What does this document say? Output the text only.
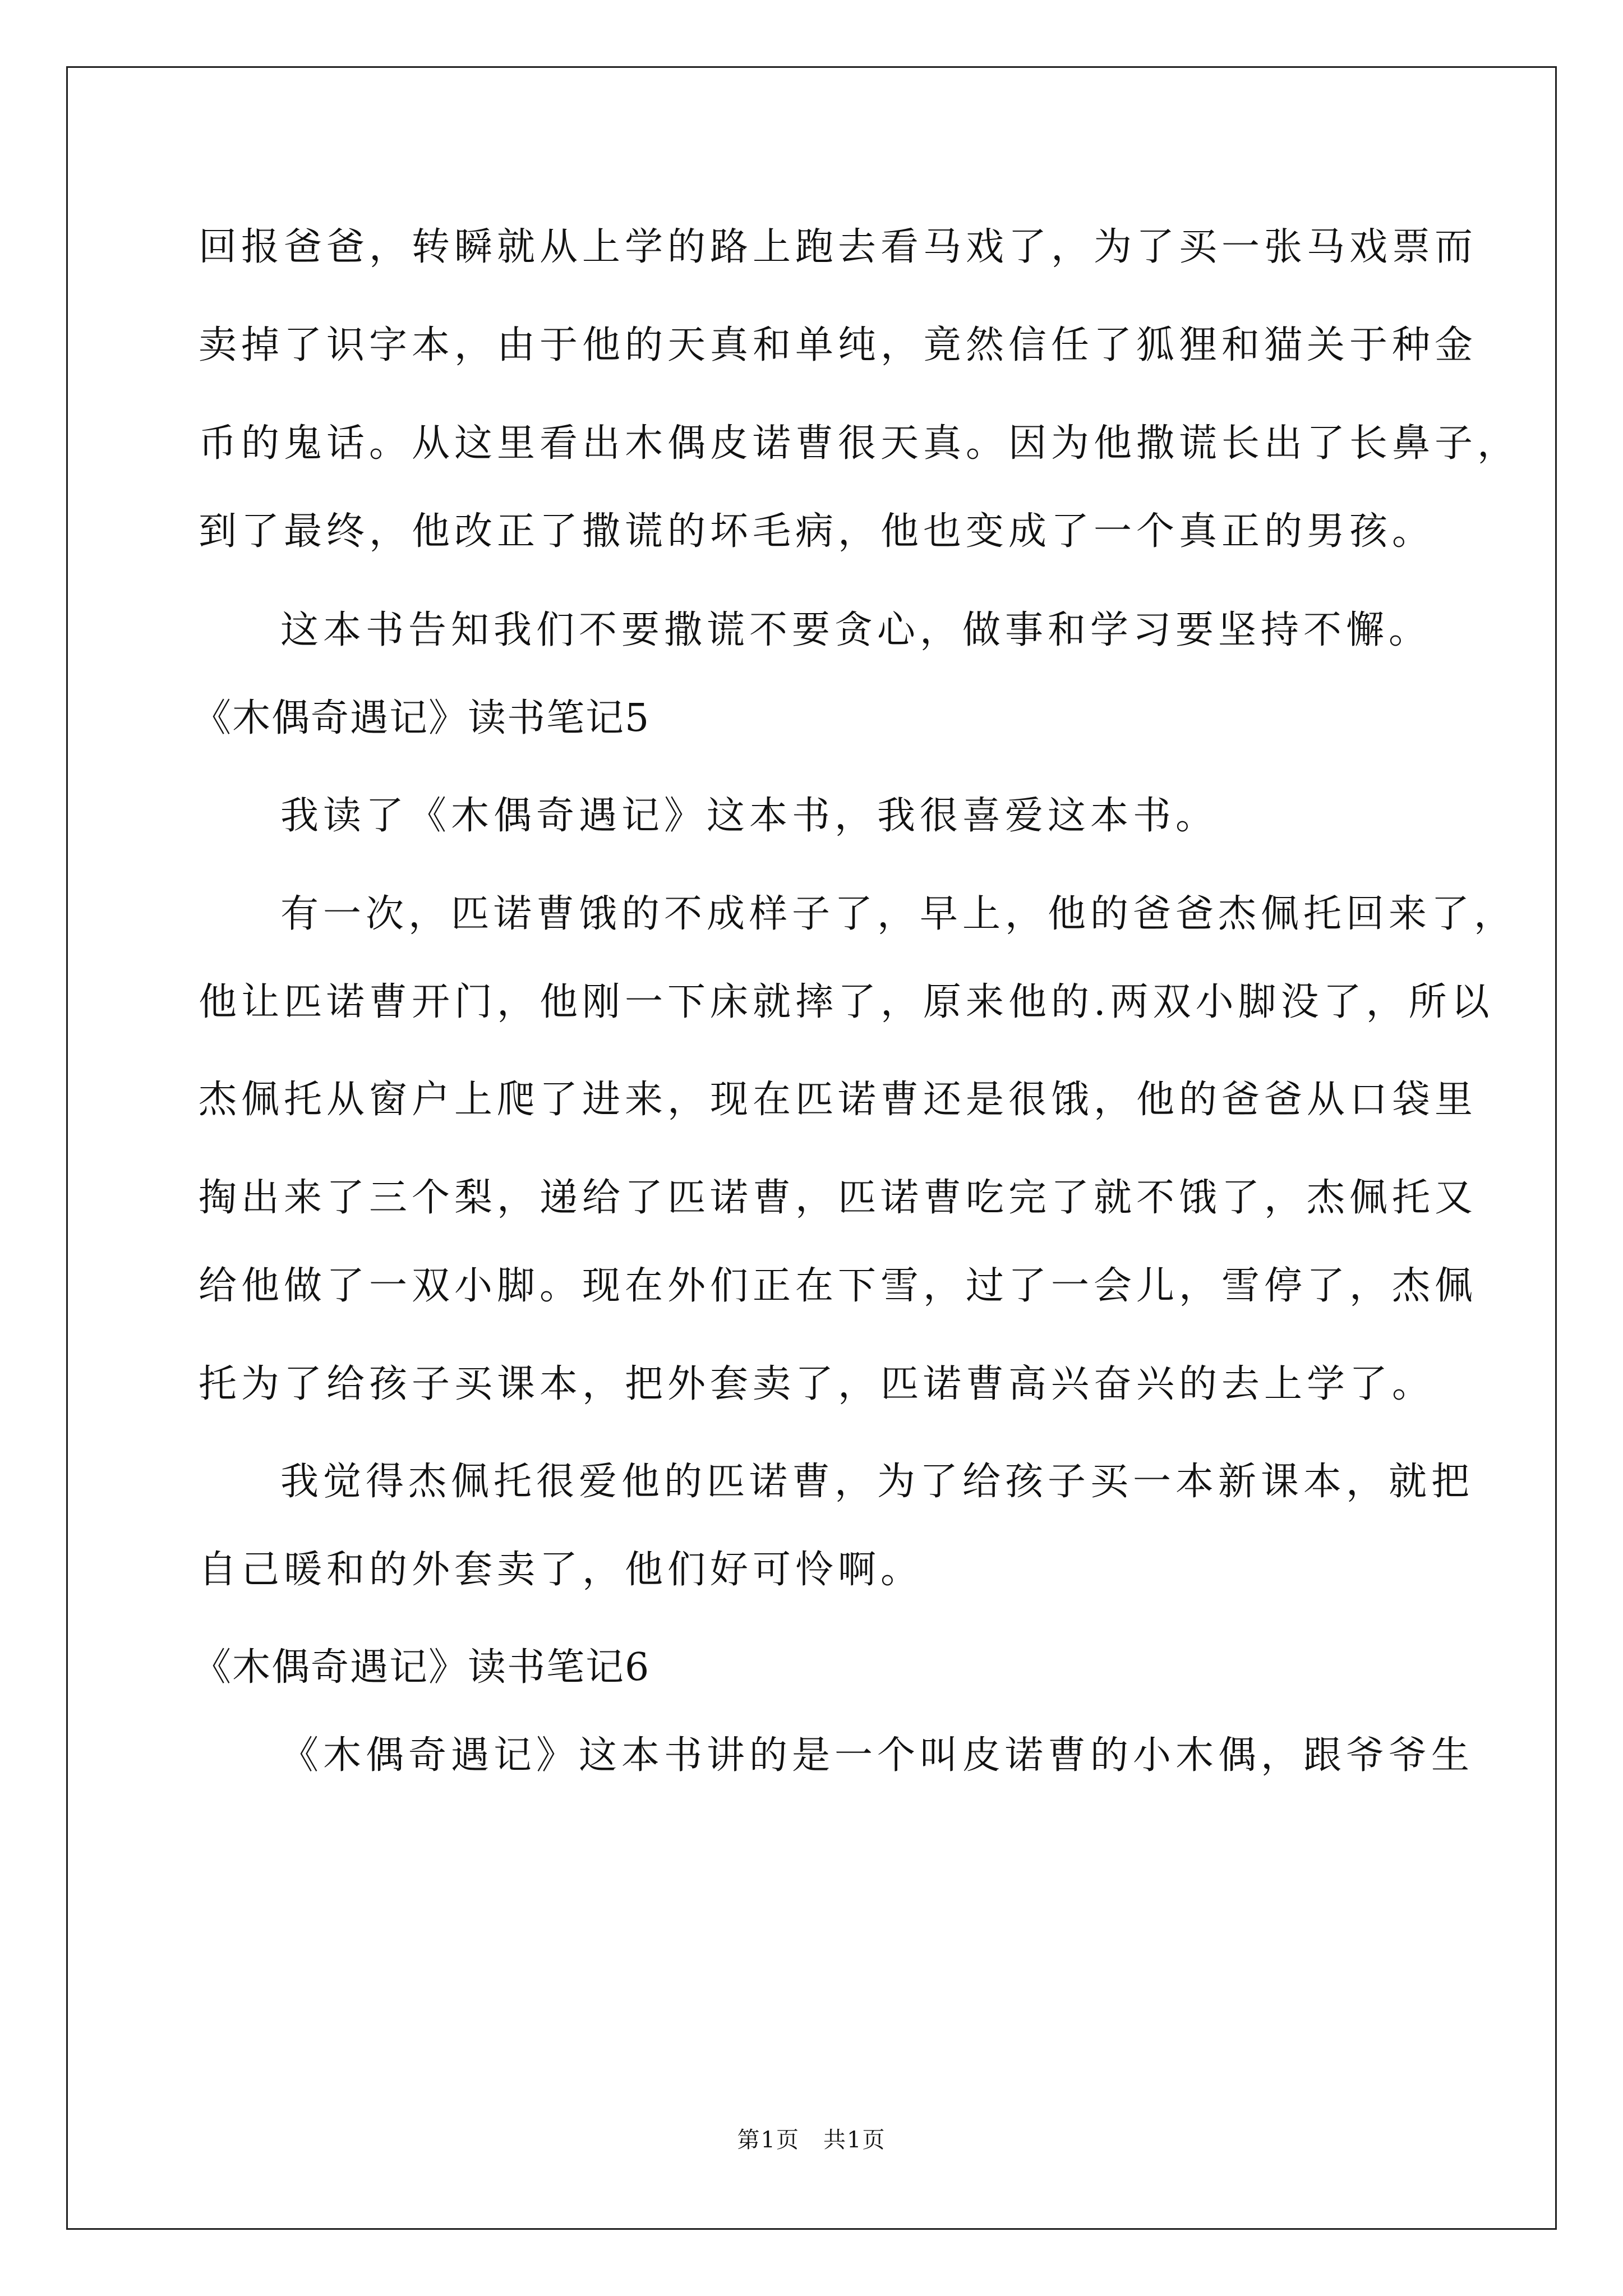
回报爸爸，转瞬就从上学的路上跑去看马戏了，为了买一张马戏票而
卖掉了识字本，由于他的天真和单纯，竟然信任了狐狸和猫关于种金
币的鬼话。从这里看出木偶皮诺曹很天真。因为他撒谎长出了长鼻子，
到了最终，他改正了撒谎的坏毛病，他也变成了一个真正的男孩。
这本书告知我们不要撒谎不要贪心，做事和学习要坚持不懈。
《木偶奇遇记》读书笔记5
我读了《木偶奇遇记》这本书，我很喜爱这本书。
有一次，匹诺曹饿的不成样子了，早上，他的爸爸杰佩托回来了，
他让匹诺曹开门，他刚一下床就摔了，原来他的.两双小脚没了，所以
杰佩托从窗户上爬了进来，现在匹诺曹还是很饿，他的爸爸从口袋里
掏出来了三个梨，递给了匹诺曹，匹诺曹吃完了就不饿了，杰佩托又
给他做了一双小脚。现在外们正在下雪，过了一会儿，雪停了，杰佩
托为了给孩子买课本，把外套卖了，匹诺曹高兴奋兴的去上学了。
我觉得杰佩托很爱他的匹诺曹，为了给孩子买一本新课本，就把
自己暖和的外套卖了，他们好可怜啊。
《木偶奇遇记》读书笔记6
《木偶奇遇记》这本书讲的是一个叫皮诺曹的小木偶，跟爷爷生
第1页　共1页
